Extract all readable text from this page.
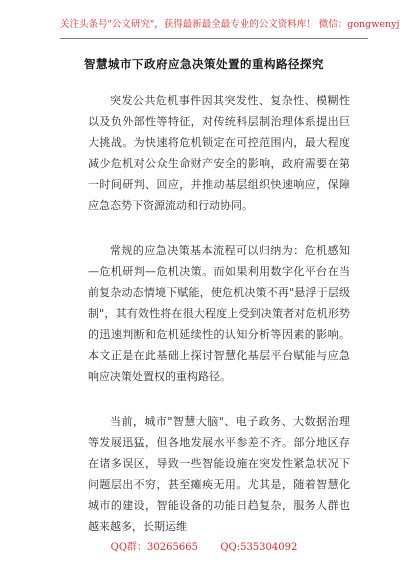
关注头条号"公文研究"，获得最新最全最专业的公文资料库！ 微信：gongwenyj
智慧城市下政府应急决策处置的重构路径探究

突发公共危机事件因其突发性、复杂性、模糊性以及负外部性等特征，对传统科层制治理体系提出巨大挑战。为快速将危机锁定在可控范围内，最大程度减少危机对公众生命财产安全的影响，政府需要在第一时间研判、回应，并推动基层组织快速响应，保障应急态势下资源流动和行动协同。

常规的应急决策基本流程可以归纳为：危机感知—危机研判—危机决策。而如果利用数字化平台在当前复杂动态情境下赋能，使危机决策不再"悬浮于层级制"，其有效性将在很大程度上受到决策者对危机形势的迅速判断和危机延续性的认知分析等因素的影响。本文正是在此基础上探讨智慧化基层平台赋能与应急响应决策处置权的重构路径。

当前，城市"智慧大脑"、电子政务、大数据治理等发展迅猛，但各地发展水平参差不齐。部分地区存在诸多误区，导致一些智能设施在突发性紧急状况下问题层出不穷，甚至瘫痪无用。尤其是，随着智慧化城市的建设，智能设备的功能日趋复杂，服务人群也越来越多，长期运维

QQ群：30265665 QQ:535304092
